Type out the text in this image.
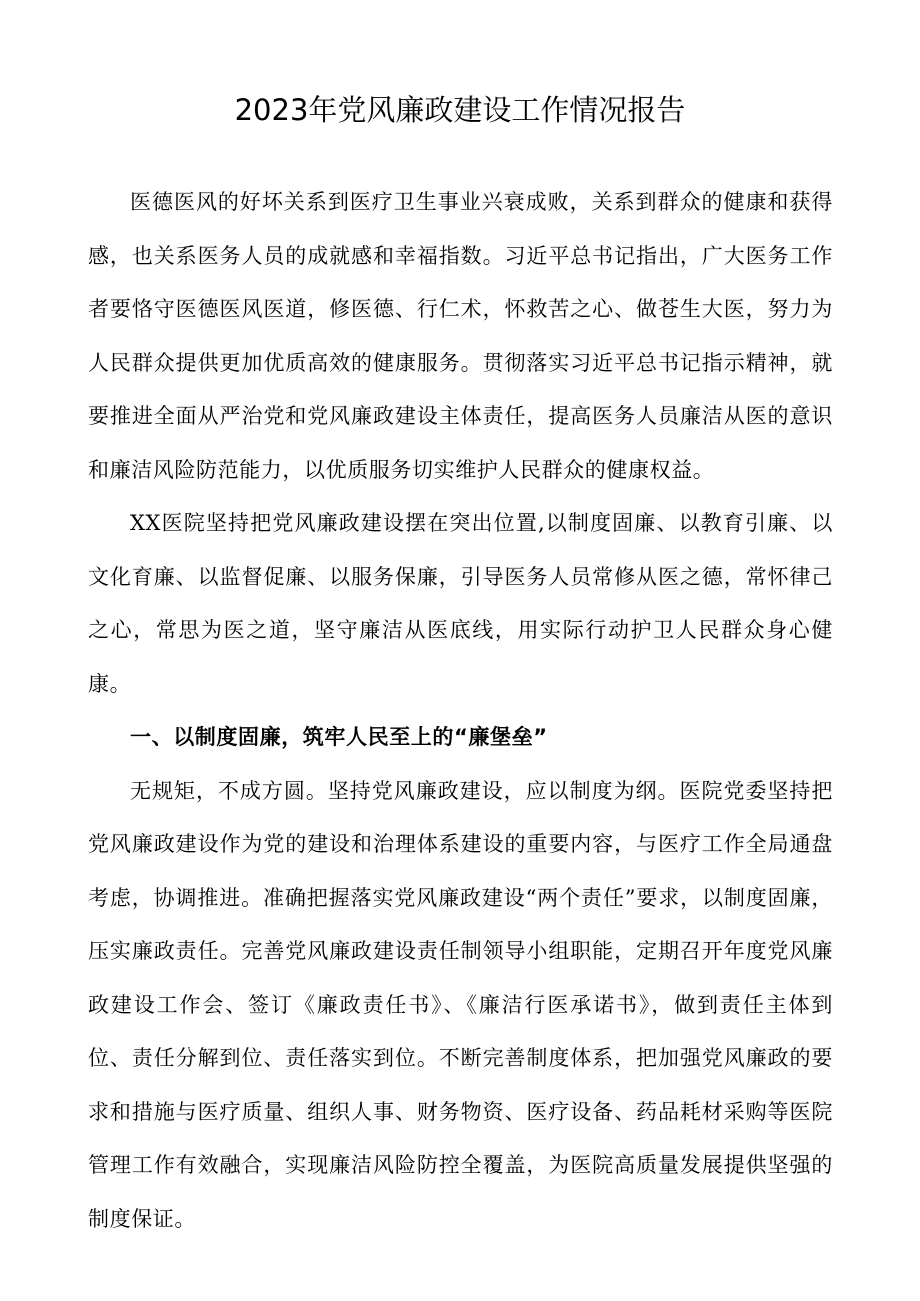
2023年党风廉政建设工作情况报告

医德医风的好坏关系到医疗卫生事业兴衰成败，关系到群众的健康和获得感，也关系医务人员的成就感和幸福指数。习近平总书记指出，广大医务工作者要恪守医德医风医道，修医德、行仁术，怀救苦之心、做苍生大医，努力为人民群众提供更加优质高效的健康服务。贯彻落实习近平总书记指示精神，就要推进全面从严治党和党风廉政建设主体责任，提高医务人员廉洁从医的意识和廉洁风险防范能力，以优质服务切实维护人民群众的健康权益。

XX医院坚持把党风廉政建设摆在突出位置,以制度固廉、以教育引廉、以文化育廉、以监督促廉、以服务保廉，引导医务人员常修从医之德，常怀律己之心，常思为医之道，坚守廉洁从医底线，用实际行动护卫人民群众身心健康。

一、以制度固廉，筑牢人民至上的“廉堡垒”

无规矩，不成方圆。坚持党风廉政建设，应以制度为纲。医院党委坚持把党风廉政建设作为党的建设和治理体系建设的重要内容，与医疗工作全局通盘考虑，协调推进。准确把握落实党风廉政建设“两个责任”要求，以制度固廉，压实廉政责任。完善党风廉政建设责任制领导小组职能，定期召开年度党风廉政建设工作会、签订《廉政责任书》、《廉洁行医承诺书》，做到责任主体到位、责任分解到位、责任落实到位。不断完善制度体系，把加强党风廉政的要求和措施与医疗质量、组织人事、财务物资、医疗设备、药品耗材采购等医院管理工作有效融合，实现廉洁风险防控全覆盖，为医院高质量发展提供坚强的制度保证。
